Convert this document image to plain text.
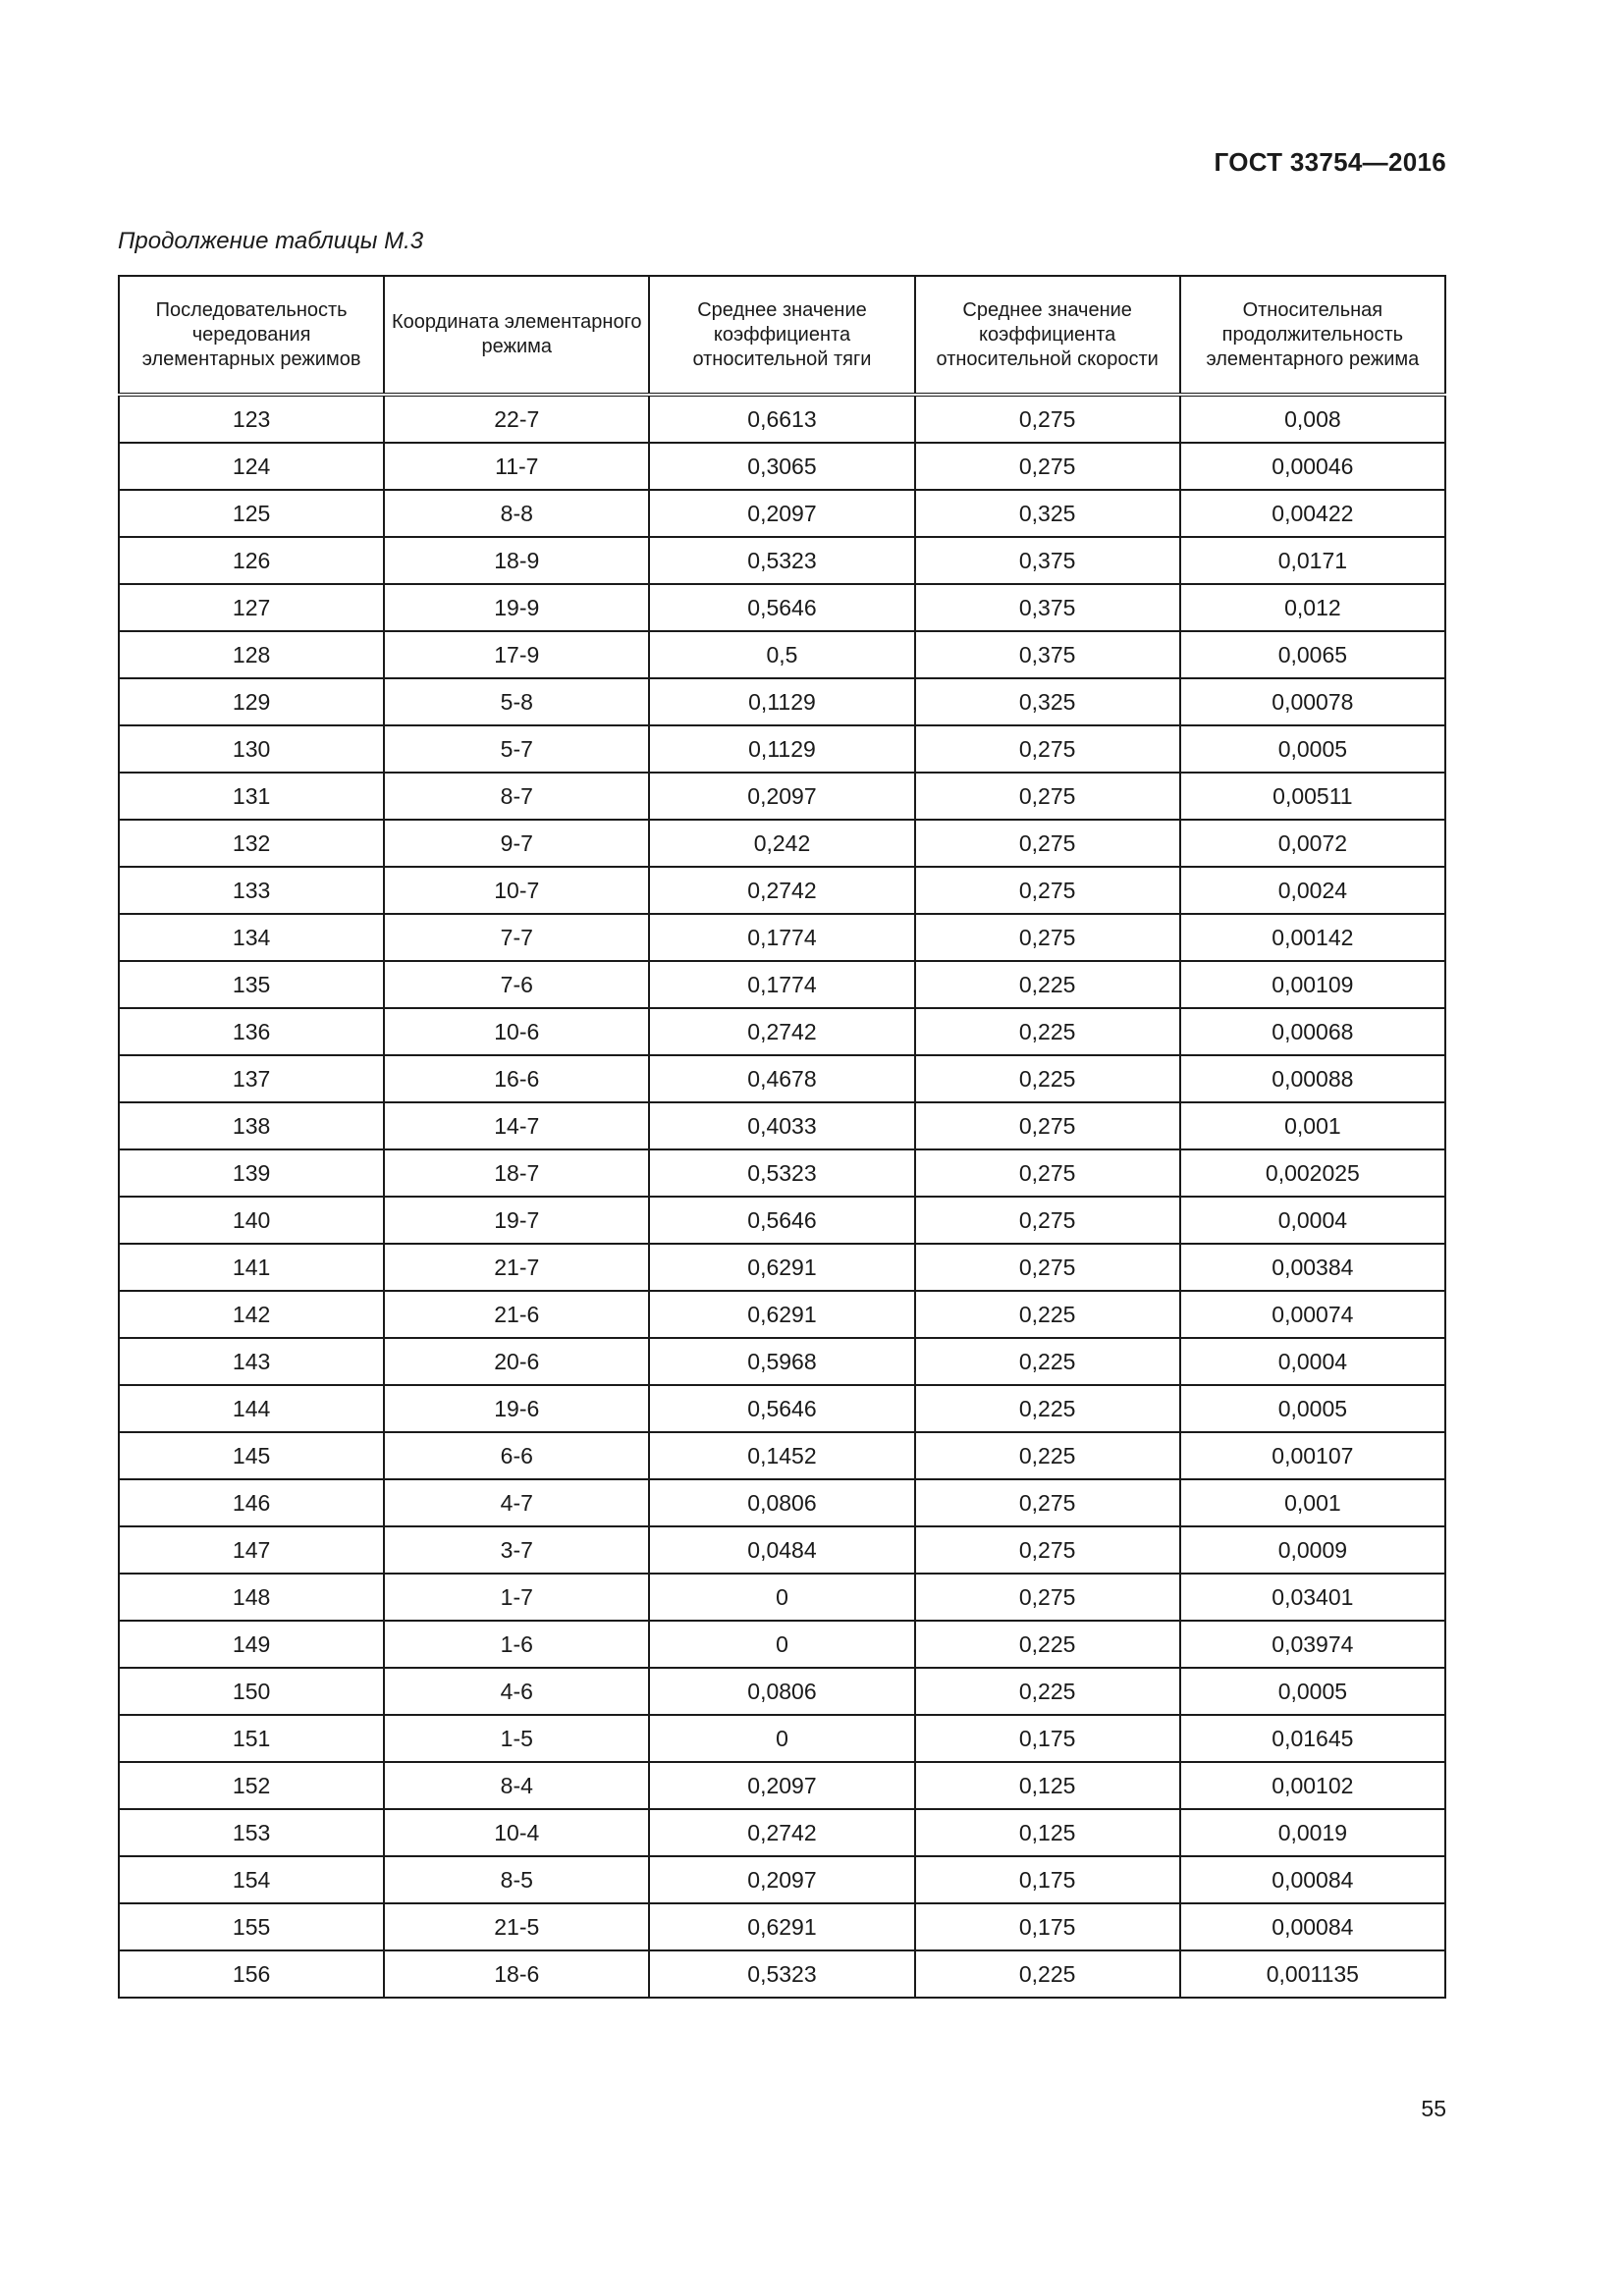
ГОСТ 33754—2016
Продолжение таблицы М.3
Последовательность чередования элементарных режимов	Координата элементарного режима	Среднее значение коэффициента относительной тяги	Среднее значение коэффициента относительной скорости	Относительная продолжительность элементарного режима
123	22-7	0,6613	0,275	0,008
124	11-7	0,3065	0,275	0,00046
125	8-8	0,2097	0,325	0,00422
126	18-9	0,5323	0,375	0,0171
127	19-9	0,5646	0,375	0,012
128	17-9	0,5	0,375	0,0065
129	5-8	0,1129	0,325	0,00078
130	5-7	0,1129	0,275	0,0005
131	8-7	0,2097	0,275	0,00511
132	9-7	0,242	0,275	0,0072
133	10-7	0,2742	0,275	0,0024
134	7-7	0,1774	0,275	0,00142
135	7-6	0,1774	0,225	0,00109
136	10-6	0,2742	0,225	0,00068
137	16-6	0,4678	0,225	0,00088
138	14-7	0,4033	0,275	0,001
139	18-7	0,5323	0,275	0,002025
140	19-7	0,5646	0,275	0,0004
141	21-7	0,6291	0,275	0,00384
142	21-6	0,6291	0,225	0,00074
143	20-6	0,5968	0,225	0,0004
144	19-6	0,5646	0,225	0,0005
145	6-6	0,1452	0,225	0,00107
146	4-7	0,0806	0,275	0,001
147	3-7	0,0484	0,275	0,0009
148	1-7	0	0,275	0,03401
149	1-6	0	0,225	0,03974
150	4-6	0,0806	0,225	0,0005
151	1-5	0	0,175	0,01645
152	8-4	0,2097	0,125	0,00102
153	10-4	0,2742	0,125	0,0019
154	8-5	0,2097	0,175	0,00084
155	21-5	0,6291	0,175	0,00084
156	18-6	0,5323	0,225	0,001135
55
